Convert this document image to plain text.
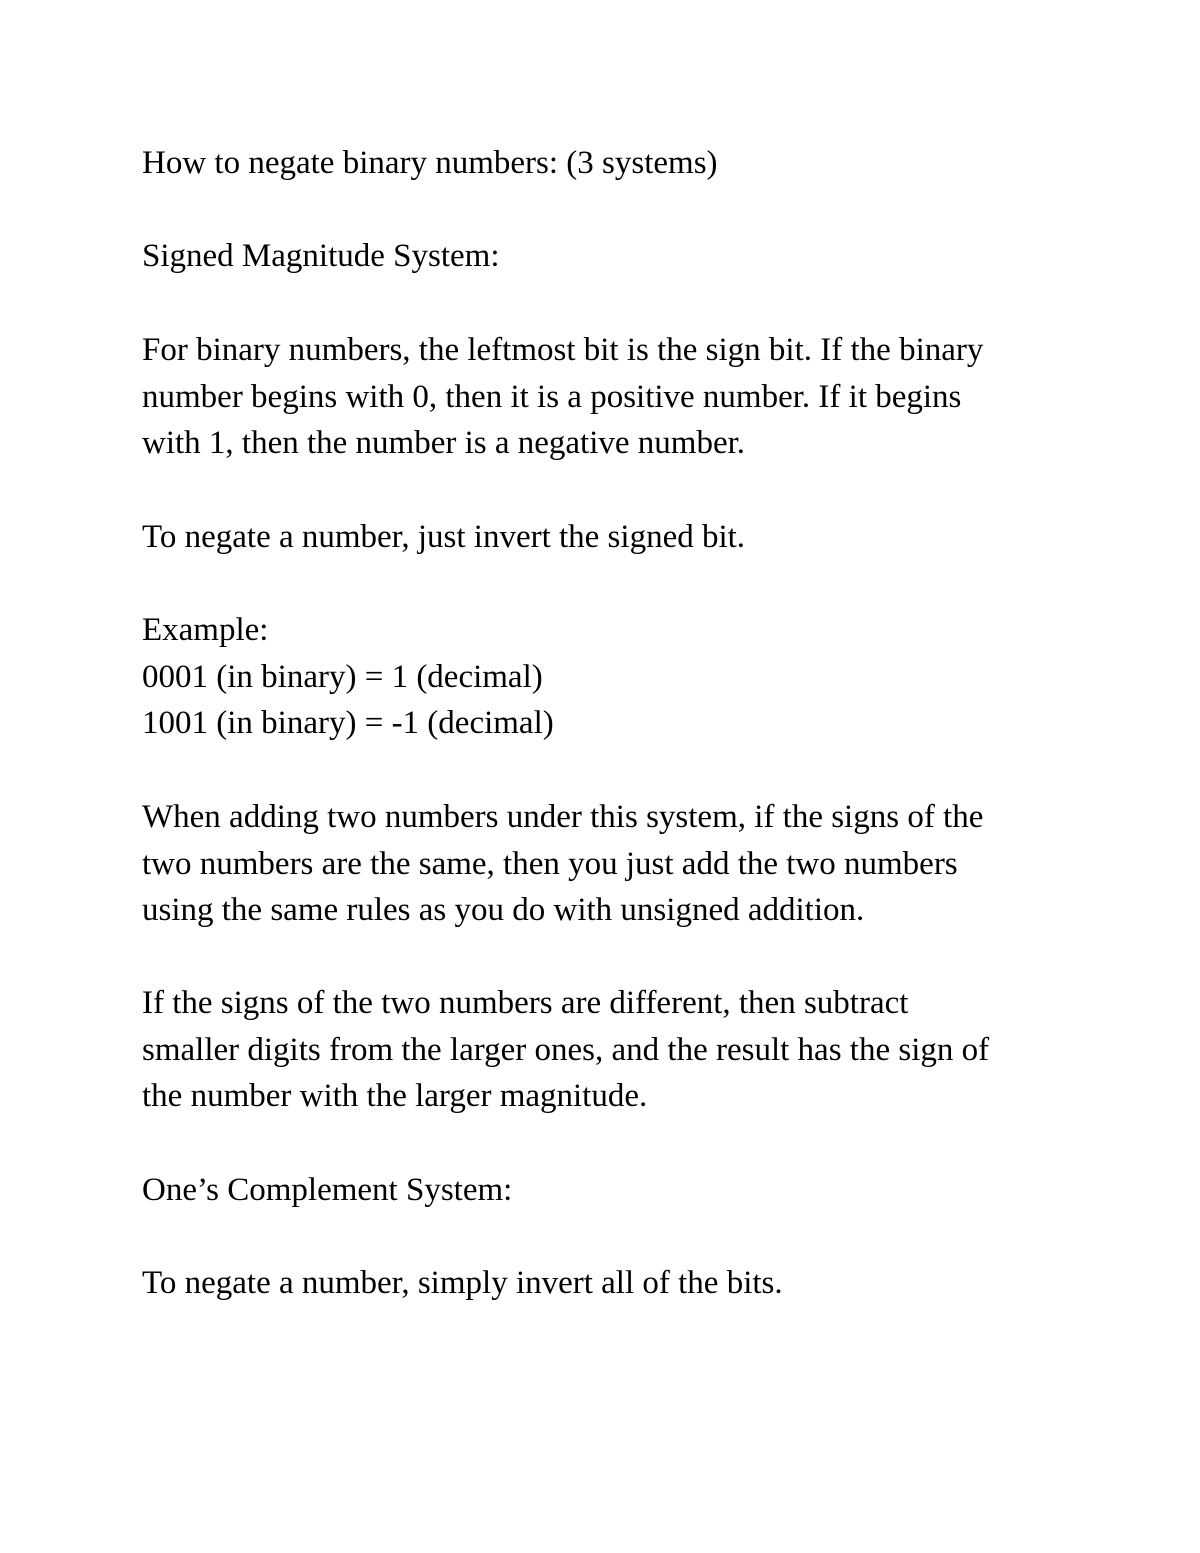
How to negate binary numbers: (3 systems)

Signed Magnitude System:

For binary numbers, the leftmost bit is the sign bit. If the binary
number begins with 0, then it is a positive number. If it begins
with 1, then the number is a negative number.

To negate a number, just invert the signed bit.

Example:
0001 (in binary) = 1 (decimal)
1001 (in binary) = -1 (decimal)

When adding two numbers under this system, if the signs of the
two numbers are the same, then you just add the two numbers
using the same rules as you do with unsigned addition.

If the signs of the two numbers are different, then subtract
smaller digits from the larger ones, and the result has the sign of
the number with the larger magnitude.

One’s Complement System:

To negate a number, simply invert all of the bits.
